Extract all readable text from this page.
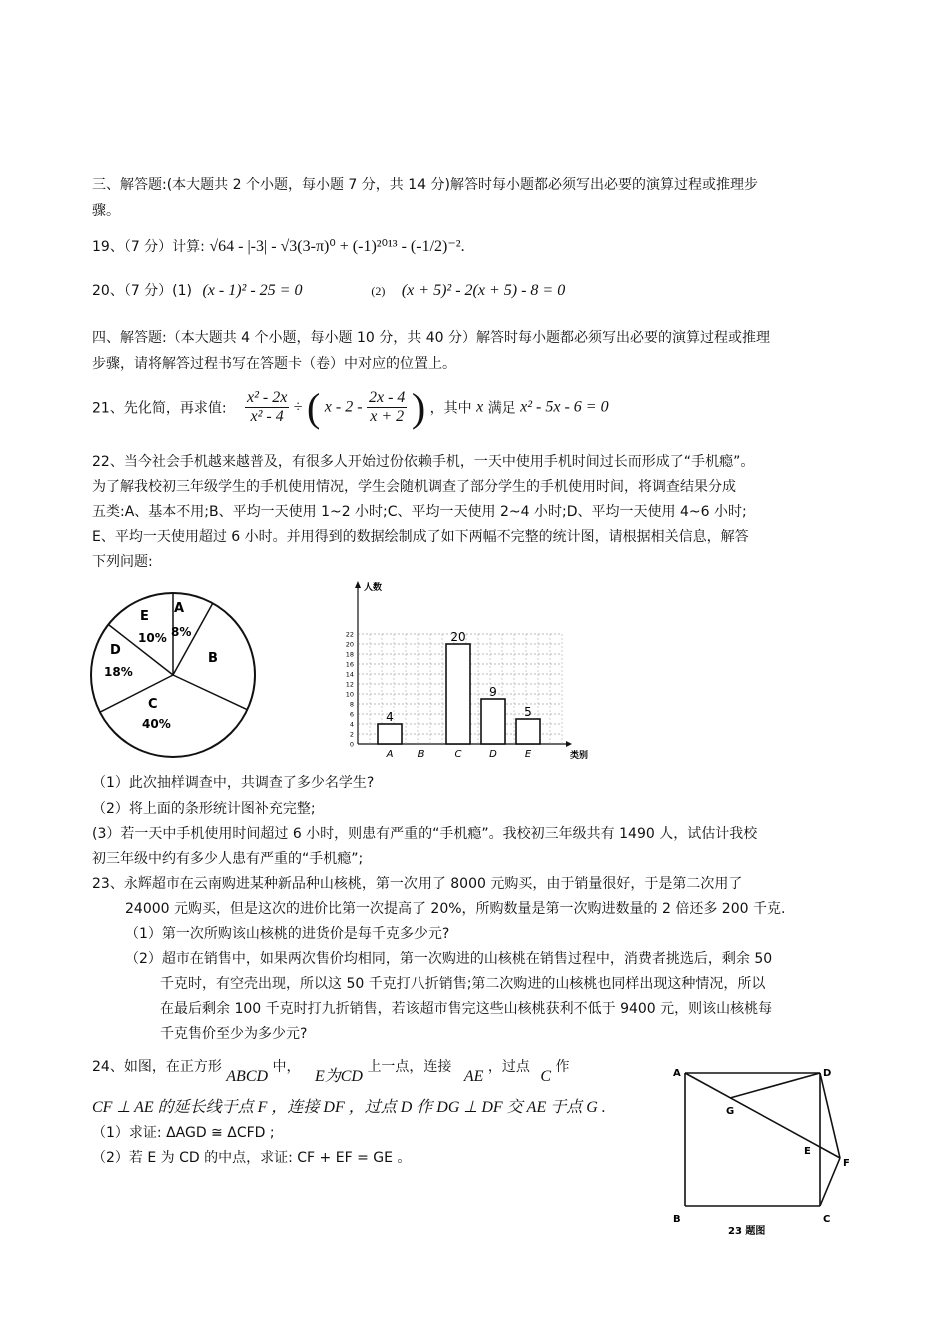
三、解答题:(本大题共 2 个小题，每小题 7 分，共 14 分)解答时每小题都必须写出必要的演算过程或推理步
骤。
19、（7 分）计算: √64 - |-3| - √3(3-π)⁰ + (-1)²⁰¹³ - (-1/2)⁻².
20、（7 分）(1) (x - 1)² - 25 = 0	(2) (x + 5)² - 2(x + 5) - 8 = 0
四、解答题:（本大题共 4 个小题，每小题 10 分，共 40 分）解答时每小题都必须写出必要的演算过程或推理
步骤，请将解答过程书写在答题卡（卷）中对应的位置上。
21、先化简，再求值: $\frac{\text{x² - 2x}}{\text{x² - 4}}$ ÷ ( x - $2 - \frac{2x - 4}{x + 2}$ ) ，其中 x 满足 x² - 5x - 6 = 0
22、当今社会手机越来越普及，有很多人开始过份依赖手机，一天中使用手机时间过长而形成了“手机瘾”。
为了解我校初三年级学生的手机使用情况，学生会随机调查了部分学生的手机使用时间，将调查结果分成
五类:A、基本不用;B、平均一天使用 1~2 小时;C、平均一天使用 2~4 小时;D、平均一天使用 4~6 小时;
E、平均一天使用超过 6 小时。并用得到的数据绘制成了如下两幅不完整的统计图，请根据相关信息，解答
下列问题:
A
8%
B
C
40%
D
18%
E
10%
人数
类别
0
2
4
6
8
10
12
14
16
18
20
22
A
4
B	C
20
D
9
E
5
（1）此次抽样调查中，共调查了多少名学生?
（2）将上面的条形统计图补充完整;
(3）若一天中手机使用时间超过 6 小时，则患有严重的“手机瘾”。我校初三年级共有 1490 人，试估计我校
初三年级中约有多少人患有严重的“手机瘾”;
23、永辉超市在云南购进某种新品种山核桃，第一次用了 8000 元购买，由于销量很好，于是第二次用了
24000 元购买，但是这次的进价比第一次提高了 20%，所购数量是第一次购进数量的 2 倍还多 200 千克.
（1）第一次所购该山核桃的进货价是每千克多少元?
（2）超市在销售中，如果两次售价均相同，第一次购进的山核桃在销售过程中，消费者挑选后，剩余 50
千克时，有空壳出现，所以这 50 千克打八折销售;第二次购进的山核桃也同样出现这种情况，所以
在最后剩余 100 千克时打九折销售，若该超市售完这些山核桃获利不低于 9400 元，则该山核桃每
千克售价至少为多少元?
24、如图，在正方形 ABCD 中， E为CD 上一点，连接 AE ，过点 C 作
CF ⊥ AE 的延长线于点 F ，连接 DF ，过点 D 作 DG ⊥ DF 交 AE 于点 G .
（1）求证: ΔAGD ≅ ΔCFD ;
（2）若 E 为 CD 的中点，求证: CF + EF = GE 。
A	D
G
E
F
B	C
23 题图
